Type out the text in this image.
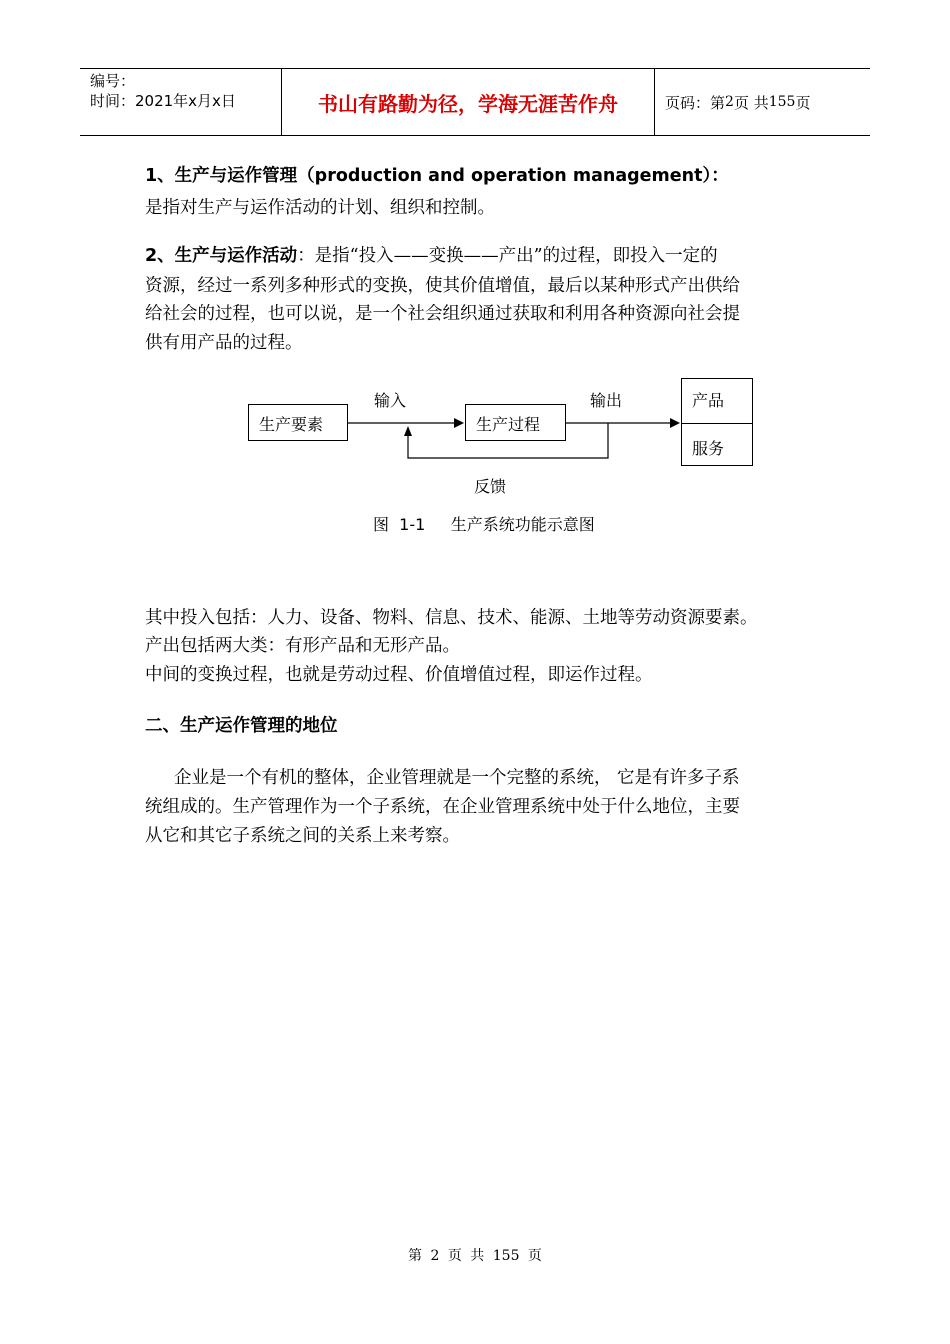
编号：
时间：2021年x月x日	书山有路勤为径，学海无涯苦作舟	页码：第 2 页 共 155 页
1、生产与运作管理（production and operation management）：
是指对生产与运作活动的计划、组织和控制。
2、生产与运作活动：是指“投入——变换——产出”的过程，即投入一定的
资源，经过一系列多种形式的变换，使其价值增值，最后以某种形式产出供给
给社会的过程，也可以说，是一个社会组织通过获取和利用各种资源向社会提
供有用产品的过程。
生产要素	生产过程
产品
服务
输入	输出
反馈
图  1-1     生产系统功能示意图
其中投入包括：人力、设备、物料、信息、技术、能源、土地等劳动资源要素。
产出包括两大类：有形产品和无形产品。
中间的变换过程，也就是劳动过程、价值增值过程，即运作过程。
二、生产运作管理的地位
企业是一个有机的整体，企业管理就是一个完整的系统， 它是有许多子系
统组成的。生产管理作为一个子系统，在企业管理系统中处于什么地位，主要
从它和其它子系统之间的关系上来考察。
第 2 页 共 155 页
